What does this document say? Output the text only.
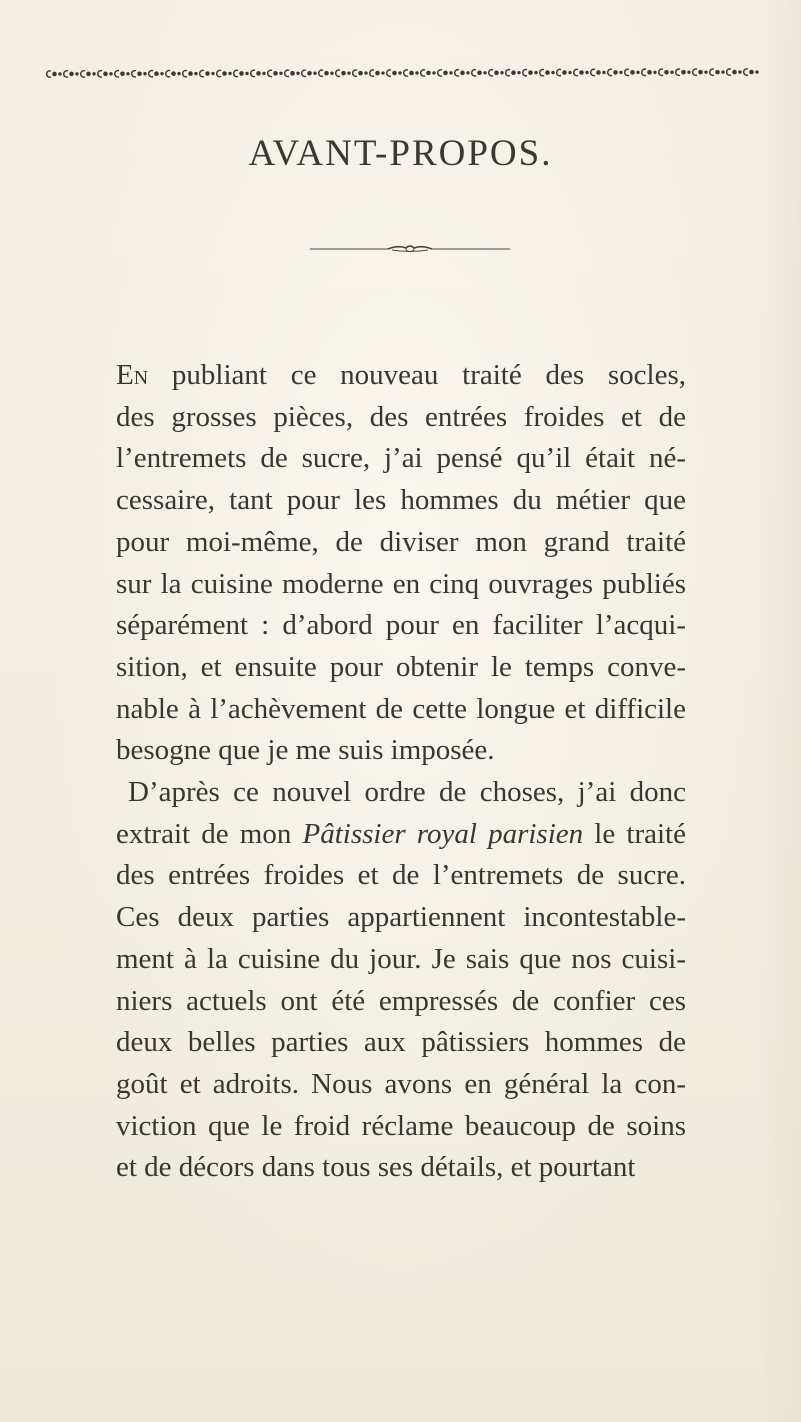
AVANT-PROPOS.
En publiant ce nouveau traité des socles,
des grosses pièces, des entrées froides et de
l’entremets de sucre, j’ai pensé qu’il était né-
cessaire, tant pour les hommes du métier que
pour moi-même, de diviser mon grand traité
sur la cuisine moderne en cinq ouvrages publiés
séparément : d’abord pour en faciliter l’acqui-
sition, et ensuite pour obtenir le temps conve-
nable à l’achèvement de cette longue et difficile
besogne que je me suis imposée.
D’après ce nouvel ordre de choses, j’ai donc
extrait de mon Pâtissier royal parisien le traité
des entrées froides et de l’entremets de sucre.
Ces deux parties appartiennent incontestable-
ment à la cuisine du jour. Je sais que nos cuisi-
niers actuels ont été empressés de confier ces
deux belles parties aux pâtissiers hommes de
goût et adroits. Nous avons en général la con-
viction que le froid réclame beaucoup de soins
et de décors dans tous ses détails, et pourtant
